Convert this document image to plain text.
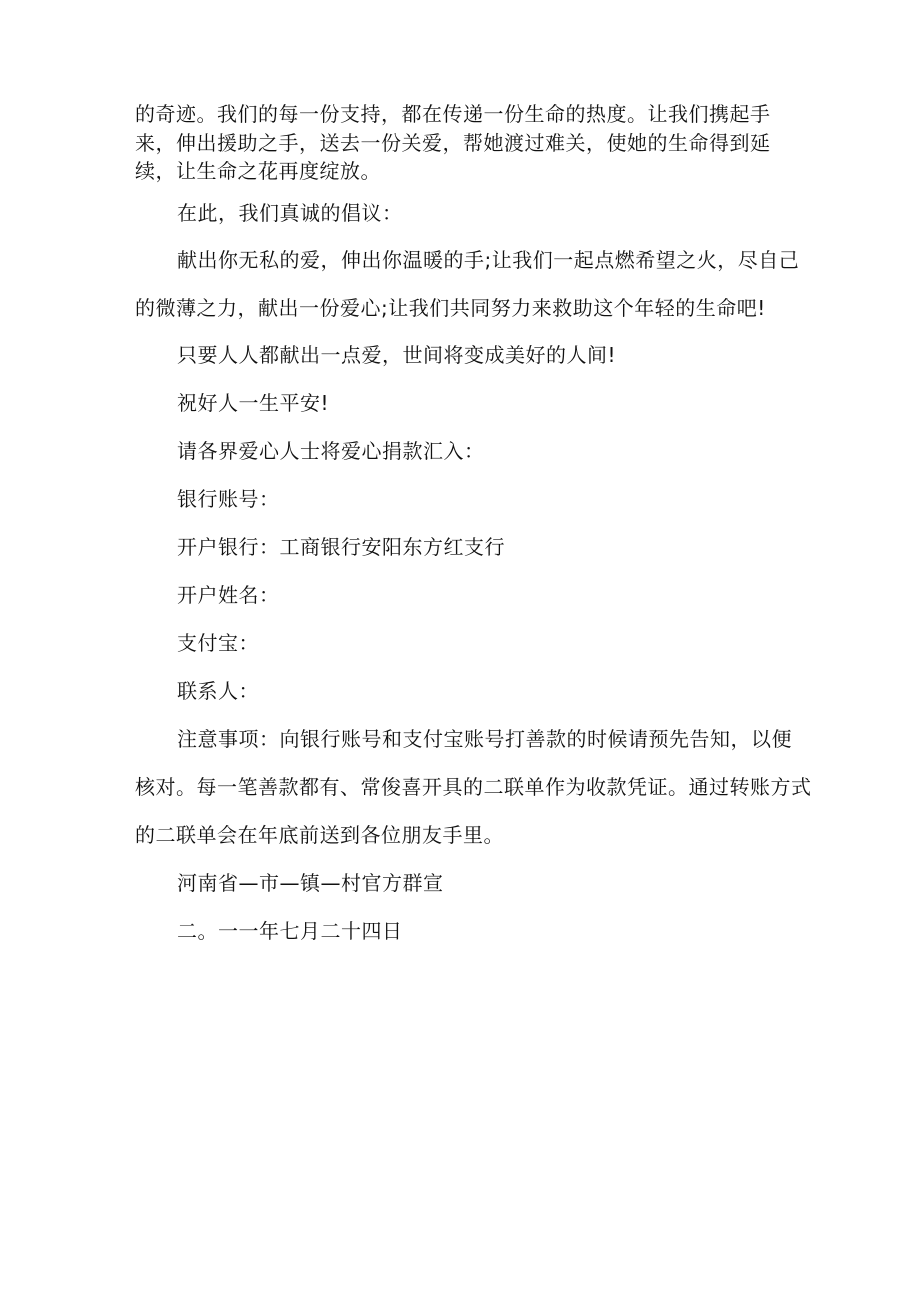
的奇迹。我们的每一份支持，都在传递一份生命的热度。让我们携起手
来，伸出援助之手，送去一份关爱，帮她渡过难关，使她的生命得到延
续，让生命之花再度绽放。
在此，我们真诚的倡议：
献出你无私的爱，伸出你温暖的手;让我们一起点燃希望之火，尽自己
的微薄之力，献出一份爱心;让我们共同努力来救助这个年轻的生命吧!
只要人人都献出一点爱，世间将变成美好的人间!
祝好人一生平安!
请各界爱心人士将爱心捐款汇入：
银行账号：
开户银行：工商银行安阳东方红支行
开户姓名：
支付宝：
联系人：
注意事项：向银行账号和支付宝账号打善款的时候请预先告知，以便
核对。每一笔善款都有、常俊喜开具的二联单作为收款凭证。通过转账方式
的二联单会在年底前送到各位朋友手里。
河南省—市—镇—村官方群宣
二。一一年七月二十四日
